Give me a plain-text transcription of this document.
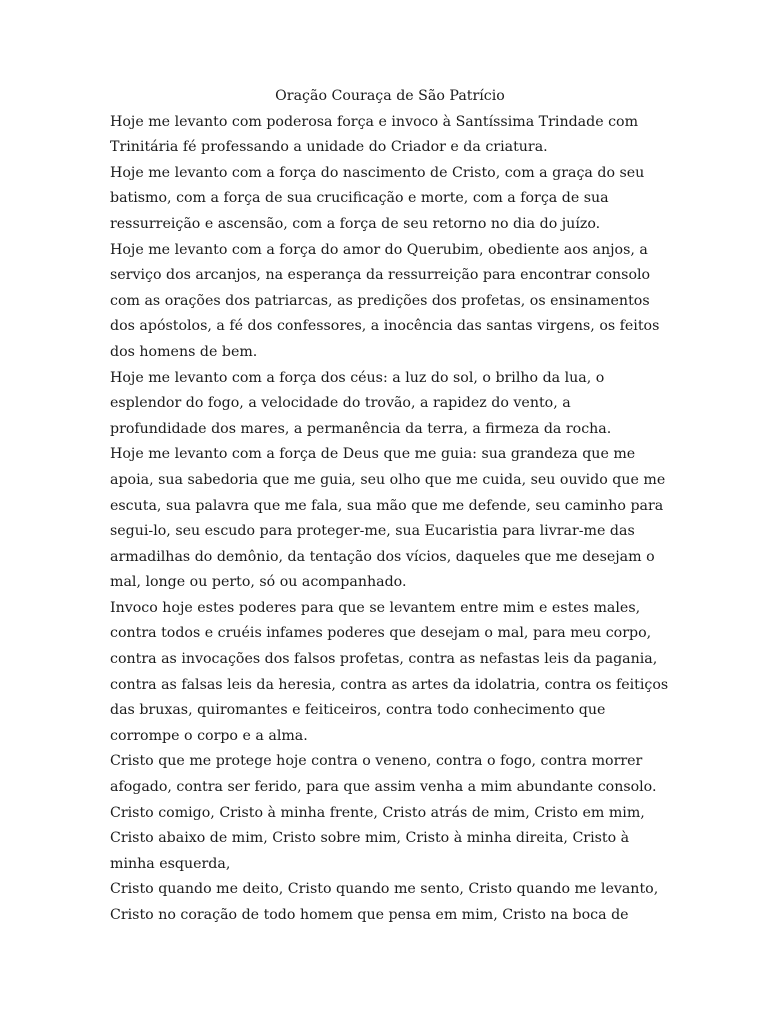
Oração Couraça de São Patrício
Hoje me levanto com poderosa força e invoco à Santíssima Trindade com
Trinitária fé professando a unidade do Criador e da criatura.
Hoje me levanto com a força do nascimento de Cristo, com a graça do seu
batismo, com a força de sua crucificação e morte, com a força de sua
ressurreição e ascensão, com a força de seu retorno no dia do juízo.
Hoje me levanto com a força do amor do Querubim, obediente aos anjos, a
serviço dos arcanjos, na esperança da ressurreição para encontrar consolo
com as orações dos patriarcas, as predições dos profetas, os ensinamentos
dos apóstolos, a fé dos confessores, a inocência das santas virgens, os feitos
dos homens de bem.
Hoje me levanto com a força dos céus: a luz do sol, o brilho da lua, o
esplendor do fogo, a velocidade do trovão, a rapidez do vento, a
profundidade dos mares, a permanência da terra, a firmeza da rocha.
Hoje me levanto com a força de Deus que me guia: sua grandeza que me
apoia, sua sabedoria que me guia, seu olho que me cuida, seu ouvido que me
escuta, sua palavra que me fala, sua mão que me defende, seu caminho para
segui-lo, seu escudo para proteger-me, sua Eucaristia para livrar-me das
armadilhas do demônio, da tentação dos vícios, daqueles que me desejam o
mal, longe ou perto, só ou acompanhado.
Invoco hoje estes poderes para que se levantem entre mim e estes males,
contra todos e cruéis infames poderes que desejam o mal, para meu corpo,
contra as invocações dos falsos profetas, contra as nefastas leis da pagania,
contra as falsas leis da heresia, contra as artes da idolatria, contra os feitiços
das bruxas, quiromantes e feiticeiros, contra todo conhecimento que
corrompe o corpo e a alma.
Cristo que me protege hoje contra o veneno, contra o fogo, contra morrer
afogado, contra ser ferido, para que assim venha a mim abundante consolo.
Cristo comigo, Cristo à minha frente, Cristo atrás de mim, Cristo em mim,
Cristo abaixo de mim, Cristo sobre mim, Cristo à minha direita, Cristo à
minha esquerda,
Cristo quando me deito, Cristo quando me sento, Cristo quando me levanto,
Cristo no coração de todo homem que pensa em mim, Cristo na boca de
